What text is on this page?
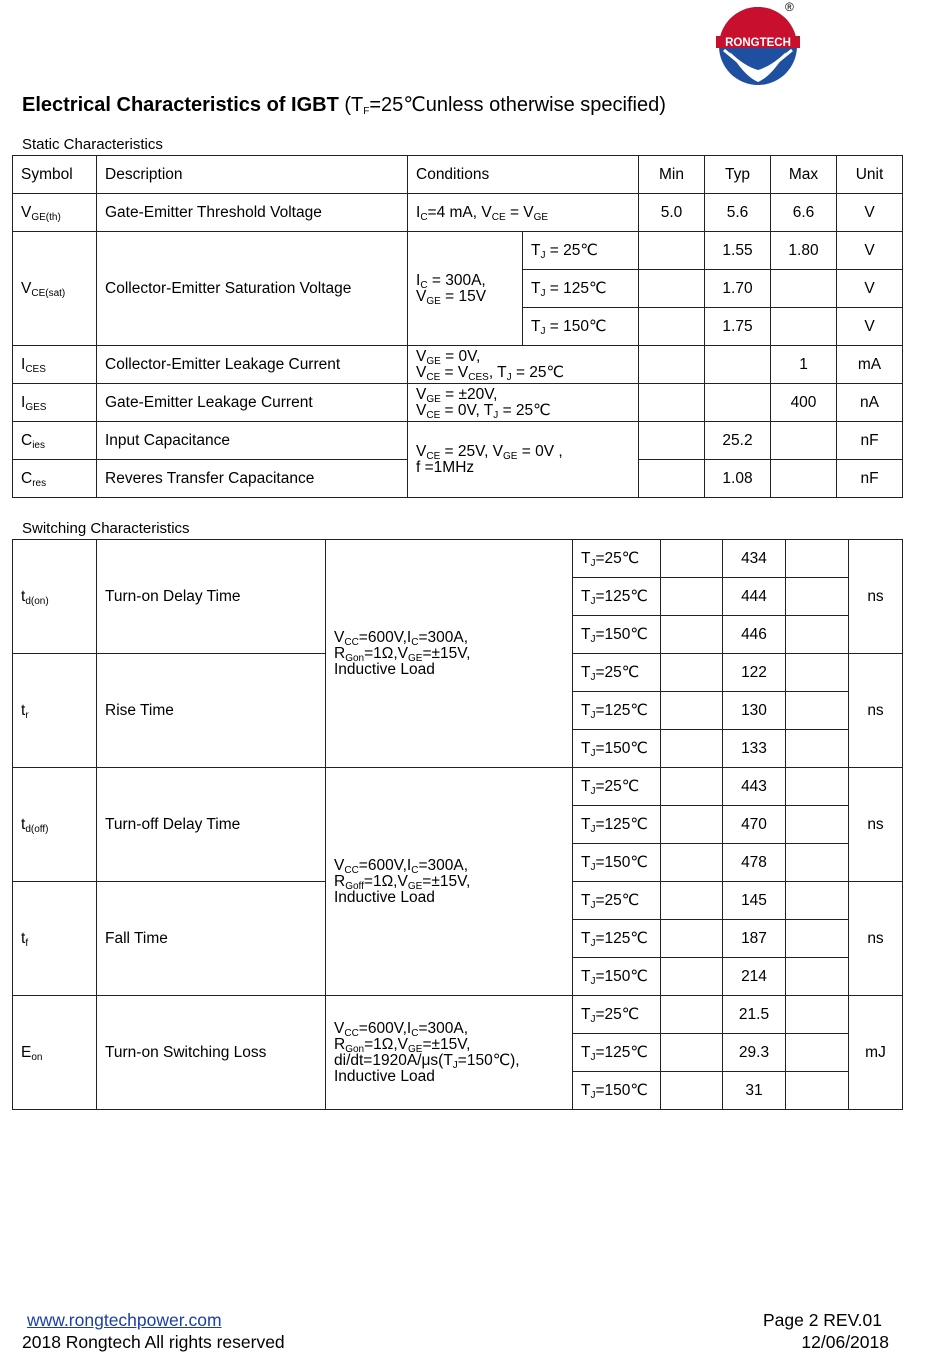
RONGTECH
®
Electrical Characteristics of IGBT ($T_F=25℃unless$ otherwise specified)
Static Characteristics
Symbol	Description	Conditions		Min	Typ	Max	Unit
$V_{GE(th)}$	Gate-Emitter Threshold Voltage	$I_C=4$ mA, $V_{CE} = V_{GE}$		5.0	5.6	6.6	V
$V_{CE(sat)}$	Collector-Emitter Saturation Voltage	$I_C = 300A$,
$V_{GE} = 15V$	$T_J$ = 25℃		1.55	1.80	V
			$T_J$ = 125℃		1.70		V
			$T_J$ = 150℃		1.75		V
$I_{CES}$	Collector-Emitter Leakage Current	$V_{GE} = 0V$,
$V_{CE} = V_{CES}$, $T_J$ = 25℃				1	mA
$I_{GES}$	Gate-Emitter Leakage Current	$V_{GE} = \pm 20V$,
$V_{CE} = 0V$, $T_J$ = 25℃				400	nA
$C_{ies}$	Input Capacitance	$V_{CE} = 25V$, $V_{GE} = 0V$ ,
f =1MHz			25.2		nF
$C_{res}$	Reveres Transfer Capacitance				1.08		nF
Switching Characteristics
$t_{d(on)}$	Turn-on Delay Time	$V_{CC}=600V,I_C=300A$,
$R_{Gon}=1\Omega,V_{GE}=\pm 15V$,
Inductive Load	$T_J=25℃$		434		ns
			$T_J=125℃$		444		
			$T_J=150℃$		446		
$t_r$	Rise Time		$T_J=25℃$		122		ns
			$T_J=125℃$		130		
			$T_J=150℃$		133		
$t_{d(off)}$	Turn-off Delay Time	$V_{CC}=600V,I_C=300A$,
$R_{Goff}=1\Omega,V_{GE}=\pm 15V$,
Inductive Load	$T_J=25℃$		443		ns
			$T_J=125℃$		470		
			$T_J=150℃$		478		
$t_f$	Fall Time		$T_J=25℃$		145		ns
			$T_J=125℃$		187		
			$T_J=150℃$		214		
$E_{on}$	Turn-on Switching Loss	$V_{CC}=600V,I_C=300A$,
$R_{Gon}=1\Omega,V_{GE}=\pm 15V$,
$di/dt=1920A/\mu s(T_J=150℃)$,
Inductive Load	$T_J=25℃$		21.5		mJ
			$T_J=125℃$		29.3		
			$T_J=150℃$		31		
www.rongtechpower.com
2018 Rongtech All rights reserved
Page 2 REV.01
12/06/2018
